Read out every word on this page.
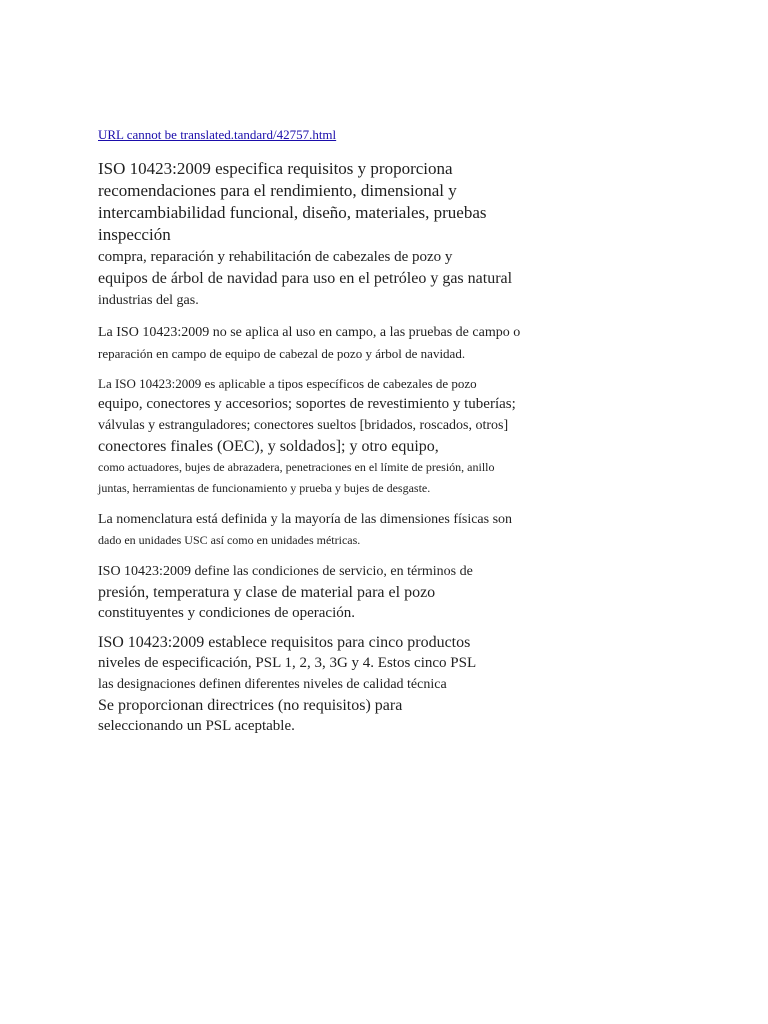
URL cannot be translated.tandard/42757.html
ISO 10423:2009 especifica requisitos y proporciona
recomendaciones para el rendimiento, dimensional y
intercambiabilidad funcional, diseño, materiales, pruebas
inspección
compra, reparación y rehabilitación de cabezales de pozo y
equipos de árbol de navidad para uso en el petróleo y gas natural
industrias del gas.
La ISO 10423:2009 no se aplica al uso en campo, a las pruebas de campo o
reparación en campo de equipo de cabezal de pozo y árbol de navidad.
La ISO 10423:2009 es aplicable a tipos específicos de cabezales de pozo
equipo, conectores y accesorios; soportes de revestimiento y tuberías;
válvulas y estranguladores; conectores sueltos [bridados, roscados, otros]
conectores finales (OEC), y soldados]; y otro equipo,
como actuadores, bujes de abrazadera, penetraciones en el límite de presión, anillo
juntas, herramientas de funcionamiento y prueba y bujes de desgaste.
La nomenclatura está definida y la mayoría de las dimensiones físicas son
dado en unidades USC así como en unidades métricas.
ISO 10423:2009 define las condiciones de servicio, en términos de
presión, temperatura y clase de material para el pozo
constituyentes y condiciones de operación.
ISO 10423:2009 establece requisitos para cinco productos
niveles de especificación, PSL 1, 2, 3, 3G y 4. Estos cinco PSL
las designaciones definen diferentes niveles de calidad técnica
Se proporcionan directrices (no requisitos) para
seleccionando un PSL aceptable.
